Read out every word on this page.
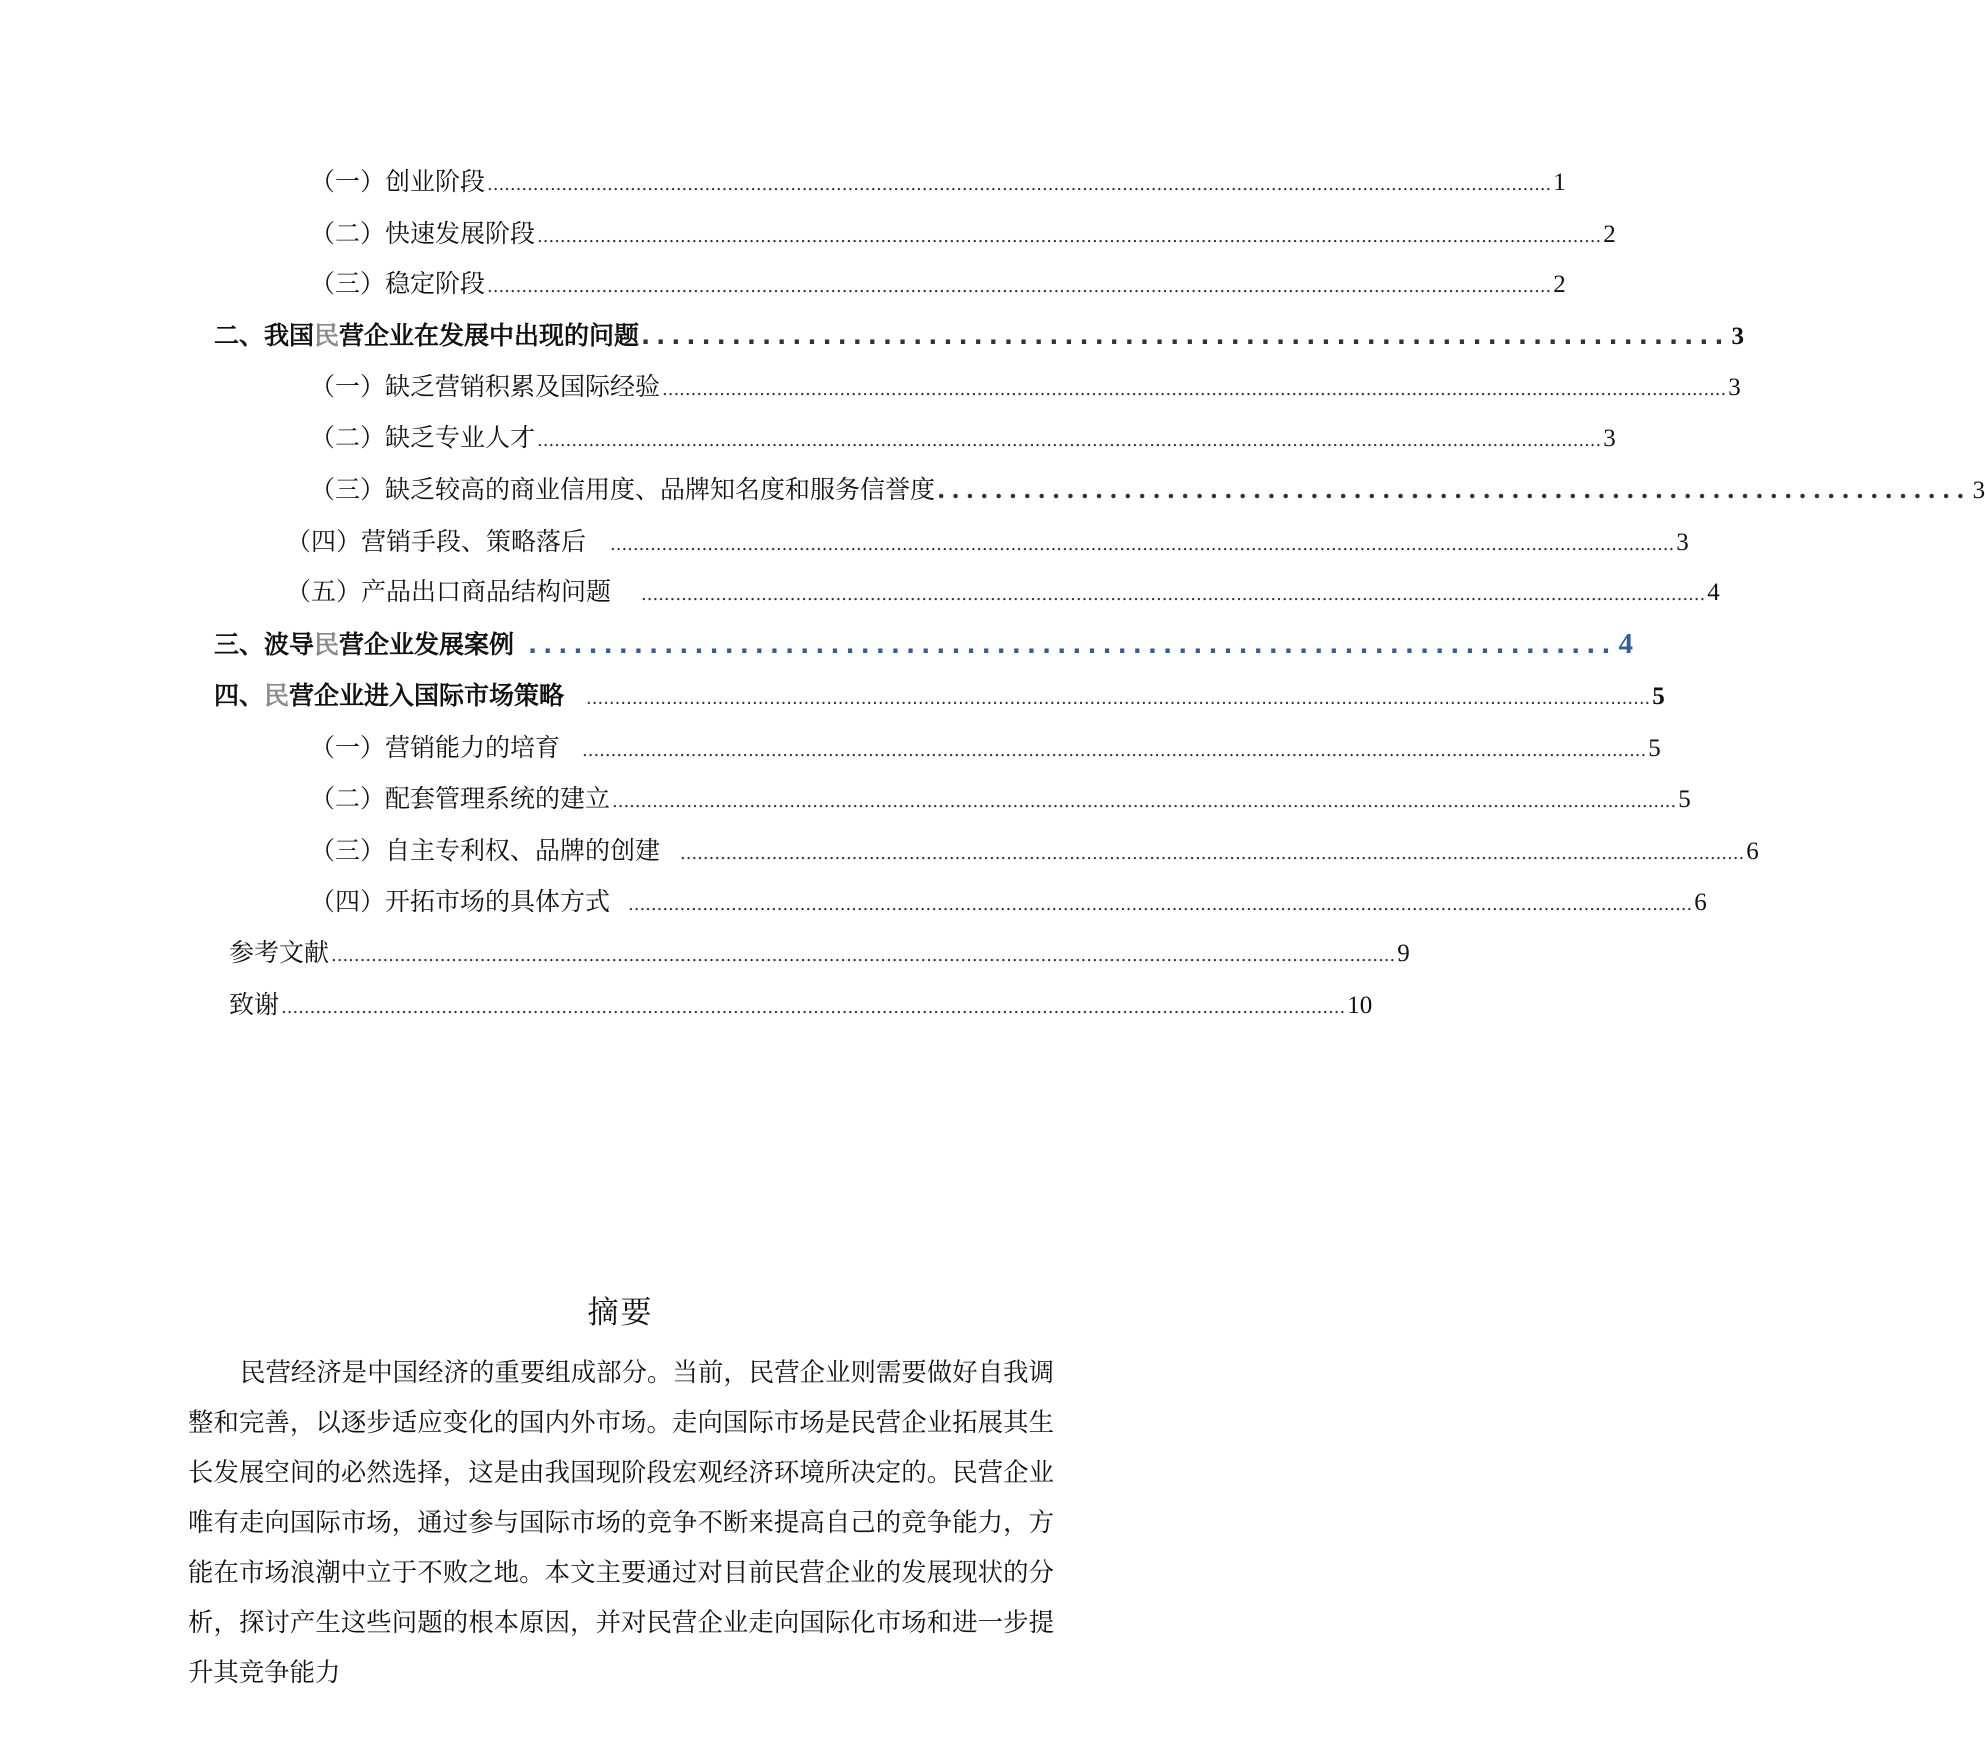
（一）创业阶段 .......................................................................................................................................................................................... 1
（二）快速发展阶段 .......................................................................................................................................................................................... 2
（三）稳定阶段 .......................................................................................................................................................................................... 2
二、我国民营企业在发展中出现的问题 ........................................................................ 3
（一）缺乏营销积累及国际经验 .......................................................................................................................................................................................... 3
（二）缺乏专业人才 .......................................................................................................................................................................................... 3
（三）缺乏较高的商业信用度、品牌知名度和服务信誉度 ........................................................................ 3
（四）营销手段、策略落后 .......................................................................................................................................................................................... 3
（五）产品出口商品结构问题 .......................................................................................................................................................................................... 4
三、波导民营企业发展案例 ........................................................................ 4
四、民营企业进入国际市场策略 .......................................................................................................................................................................................... 5
（一）营销能力的培育 .......................................................................................................................................................................................... 5
（二）配套管理系统的建立 .......................................................................................................................................................................................... 5
（三）自主专利权、品牌的创建 .......................................................................................................................................................................................... 6
（四）开拓市场的具体方式 .......................................................................................................................................................................................... 6
参考文献 .......................................................................................................................................................................................... 9
致谢 .......................................................................................................................................................................................... 10
摘要
民营经济是中国经济的重要组成部分。当前，民营企业则需要做好自我调整和完善，以逐步适应变化的国内外市场。走向国际市场是民营企业拓展其生长发展空间的必然选择，这是由我国现阶段宏观经济环境所决定的。民营企业唯有走向国际市场，通过参与国际市场的竞争不断来提高自己的竞争能力，方能在市场浪潮中立于不败之地。本文主要通过对目前民营企业的发展现状的分析，探讨产生这些问题的根本原因，并对民营企业走向国际化市场和进一步提升其竞争能力
